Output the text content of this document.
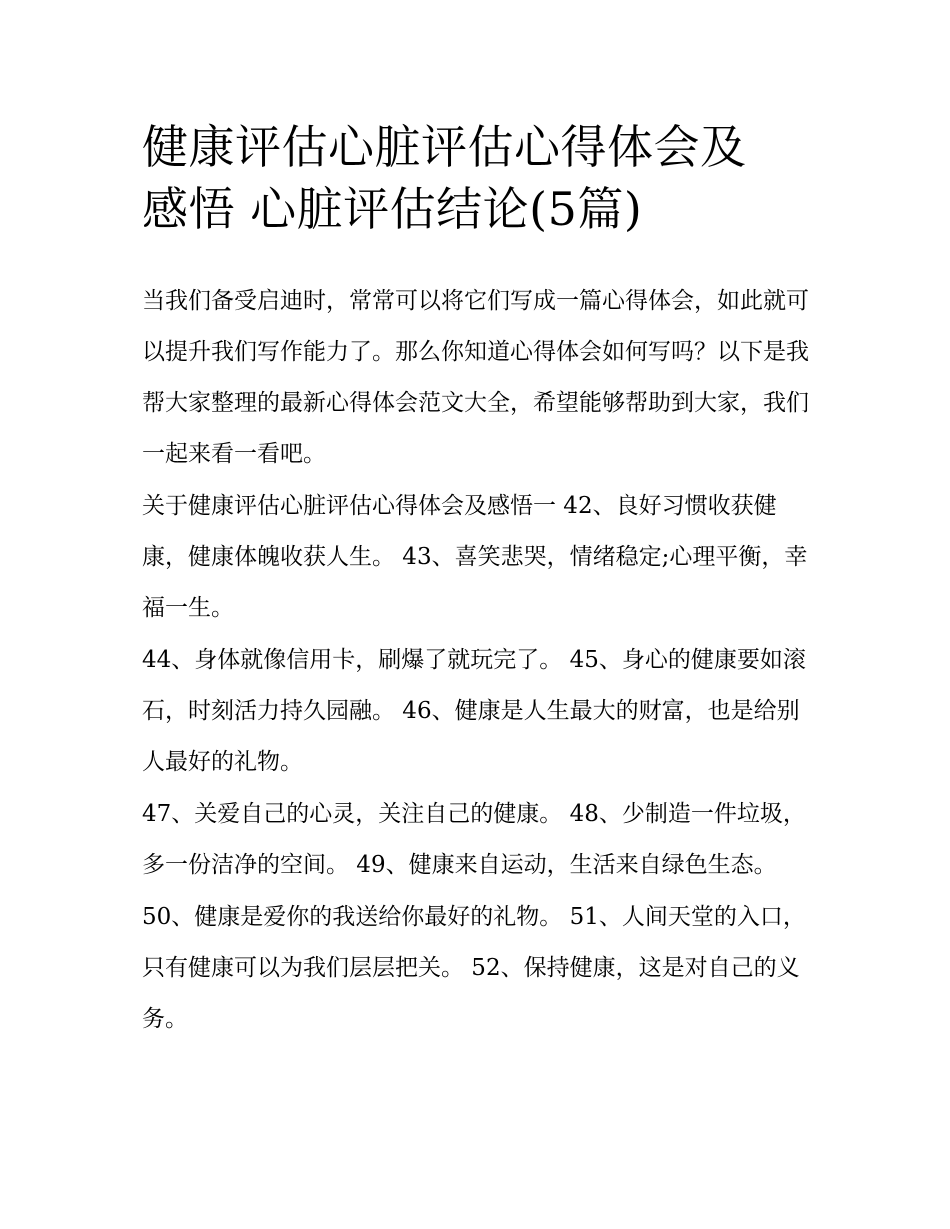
健康评估心脏评估心得体会及
感悟 心脏评估结论(5篇)

当我们备受启迪时，常常可以将它们写成一篇心得体会，如此就可以提升我们写作能力了。那么你知道心得体会如何写吗？以下是我帮大家整理的最新心得体会范文大全，希望能够帮助到大家，我们一起来看一看吧。

关于健康评估心脏评估心得体会及感悟一 42、良好习惯收获健康，健康体魄收获人生。 43、喜笑悲哭，情绪稳定;心理平衡，幸福一生。

44、身体就像信用卡，刷爆了就玩完了。 45、身心的健康要如滚石，时刻活力持久园融。 46、健康是人生最大的财富，也是给别人最好的礼物。

47、关爱自己的心灵，关注自己的健康。 48、少制造一件垃圾，多一份洁净的空间。 49、健康来自运动，生活来自绿色生态。

50、健康是爱你的我送给你最好的礼物。 51、人间天堂的入口，只有健康可以为我们层层把关。 52、保持健康，这是对自己的义务。
